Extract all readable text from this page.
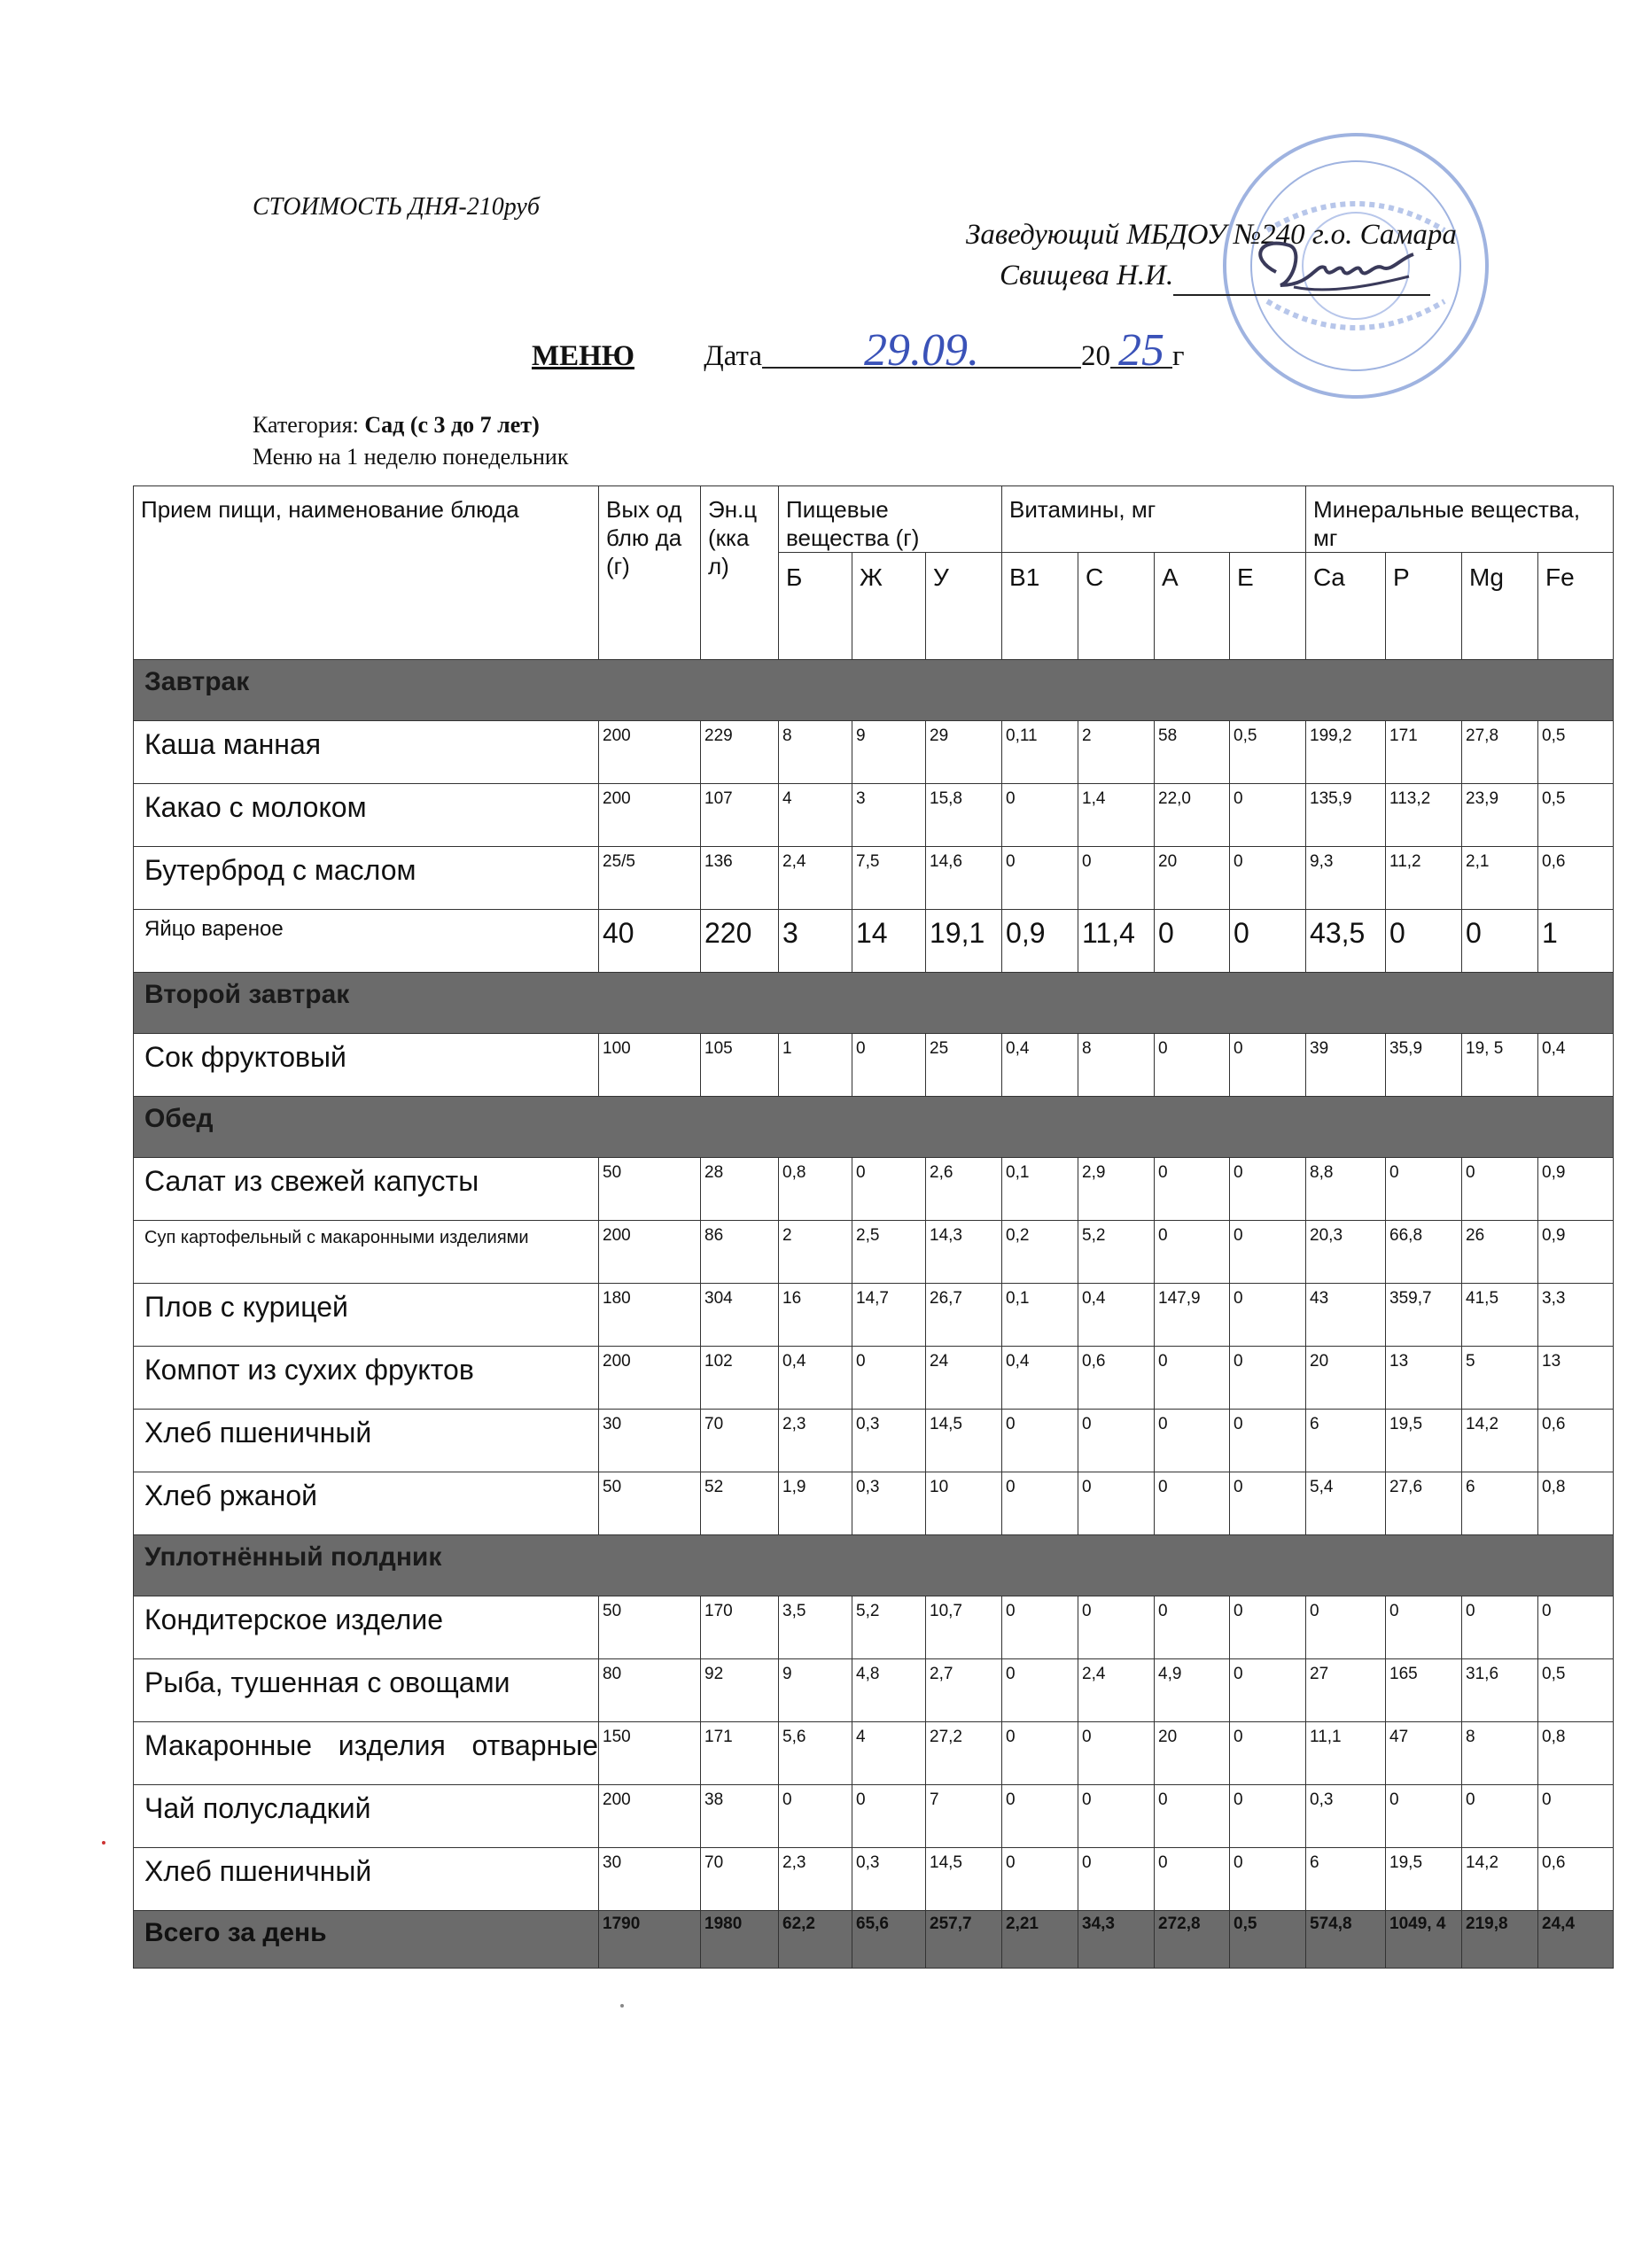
СТОИМОСТЬ ДНЯ-210руб
Заведующий МБДОУ №240 г.о. Самара
Свищева Н.И.
МЕНЮ Дата 29.09.	20 25 г
Категория: Сад (с 3 до 7 лет)
Меню на 1 неделю понедельник
Прием пищи, наименование блюда	Вых од блю да (г)	Эн.ц (кка л)	Пищевые вещества (г)			Витамины, мг				Минеральные вещества, мг			
			Б	Ж	У	B1	C	A	E	Ca	P	Mg	Fe
Завтрак													
Каша манная	200	229	8	9	29	0,11	2	58	0,5	199,2	171	27,8	0,5
Какао с молоком	200	107	4	3	15,8	0	1,4	22,0	0	135,9	113,2	23,9	0,5
Бутерброд с маслом	25/5	136	2,4	7,5	14,6	0	0	20	0	9,3	11,2	2,1	0,6
Яйцо вареное	40	220	3	14	19,1	0,9	11,4	0	0	43,5	0	0	1
Второй завтрак													
Сок фруктовый	100	105	1	0	25	0,4	8	0	0	39	35,9	19, 5	0,4
Обед													
Салат из свежей капусты	50	28	0,8	0	2,6	0,1	2,9	0	0	8,8	0	0	0,9
Суп картофельный с макаронными изделиями	200	86	2	2,5	14,3	0,2	5,2	0	0	20,3	66,8	26	0,9
Плов с курицей	180	304	16	14,7	26,7	0,1	0,4	147,9	0	43	359,7	41,5	3,3
Компот из сухих фруктов	200	102	0,4	0	24	0,4	0,6	0	0	20	13	5	13
Хлеб пшеничный	30	70	2,3	0,3	14,5	0	0	0	0	6	19,5	14,2	0,6
Хлеб ржаной	50	52	1,9	0,3	10	0	0	0	0	5,4	27,6	6	0,8
Уплотнённый полдник													
Кондитерское изделие	50	170	3,5	5,2	10,7	0	0	0	0	0	0	0	0
Рыба, тушенная с овощами	80	92	9	4,8	2,7	0	2,4	4,9	0	27	165	31,6	0,5
Макаронные изделия отварные	150	171	5,6	4	27,2	0	0	20	0	11,1	47	8	0,8
Чай полусладкий	200	38	0	0	7	0	0	0	0	0,3	0	0	0
Хлеб пшеничный	30	70	2,3	0,3	14,5	0	0	0	0	6	19,5	14,2	0,6
Всего за день	1790	1980	62,2	65,6	257,7	2,21	34,3	272,8	0,5	574,8	1049, 4	219,8	24,4
